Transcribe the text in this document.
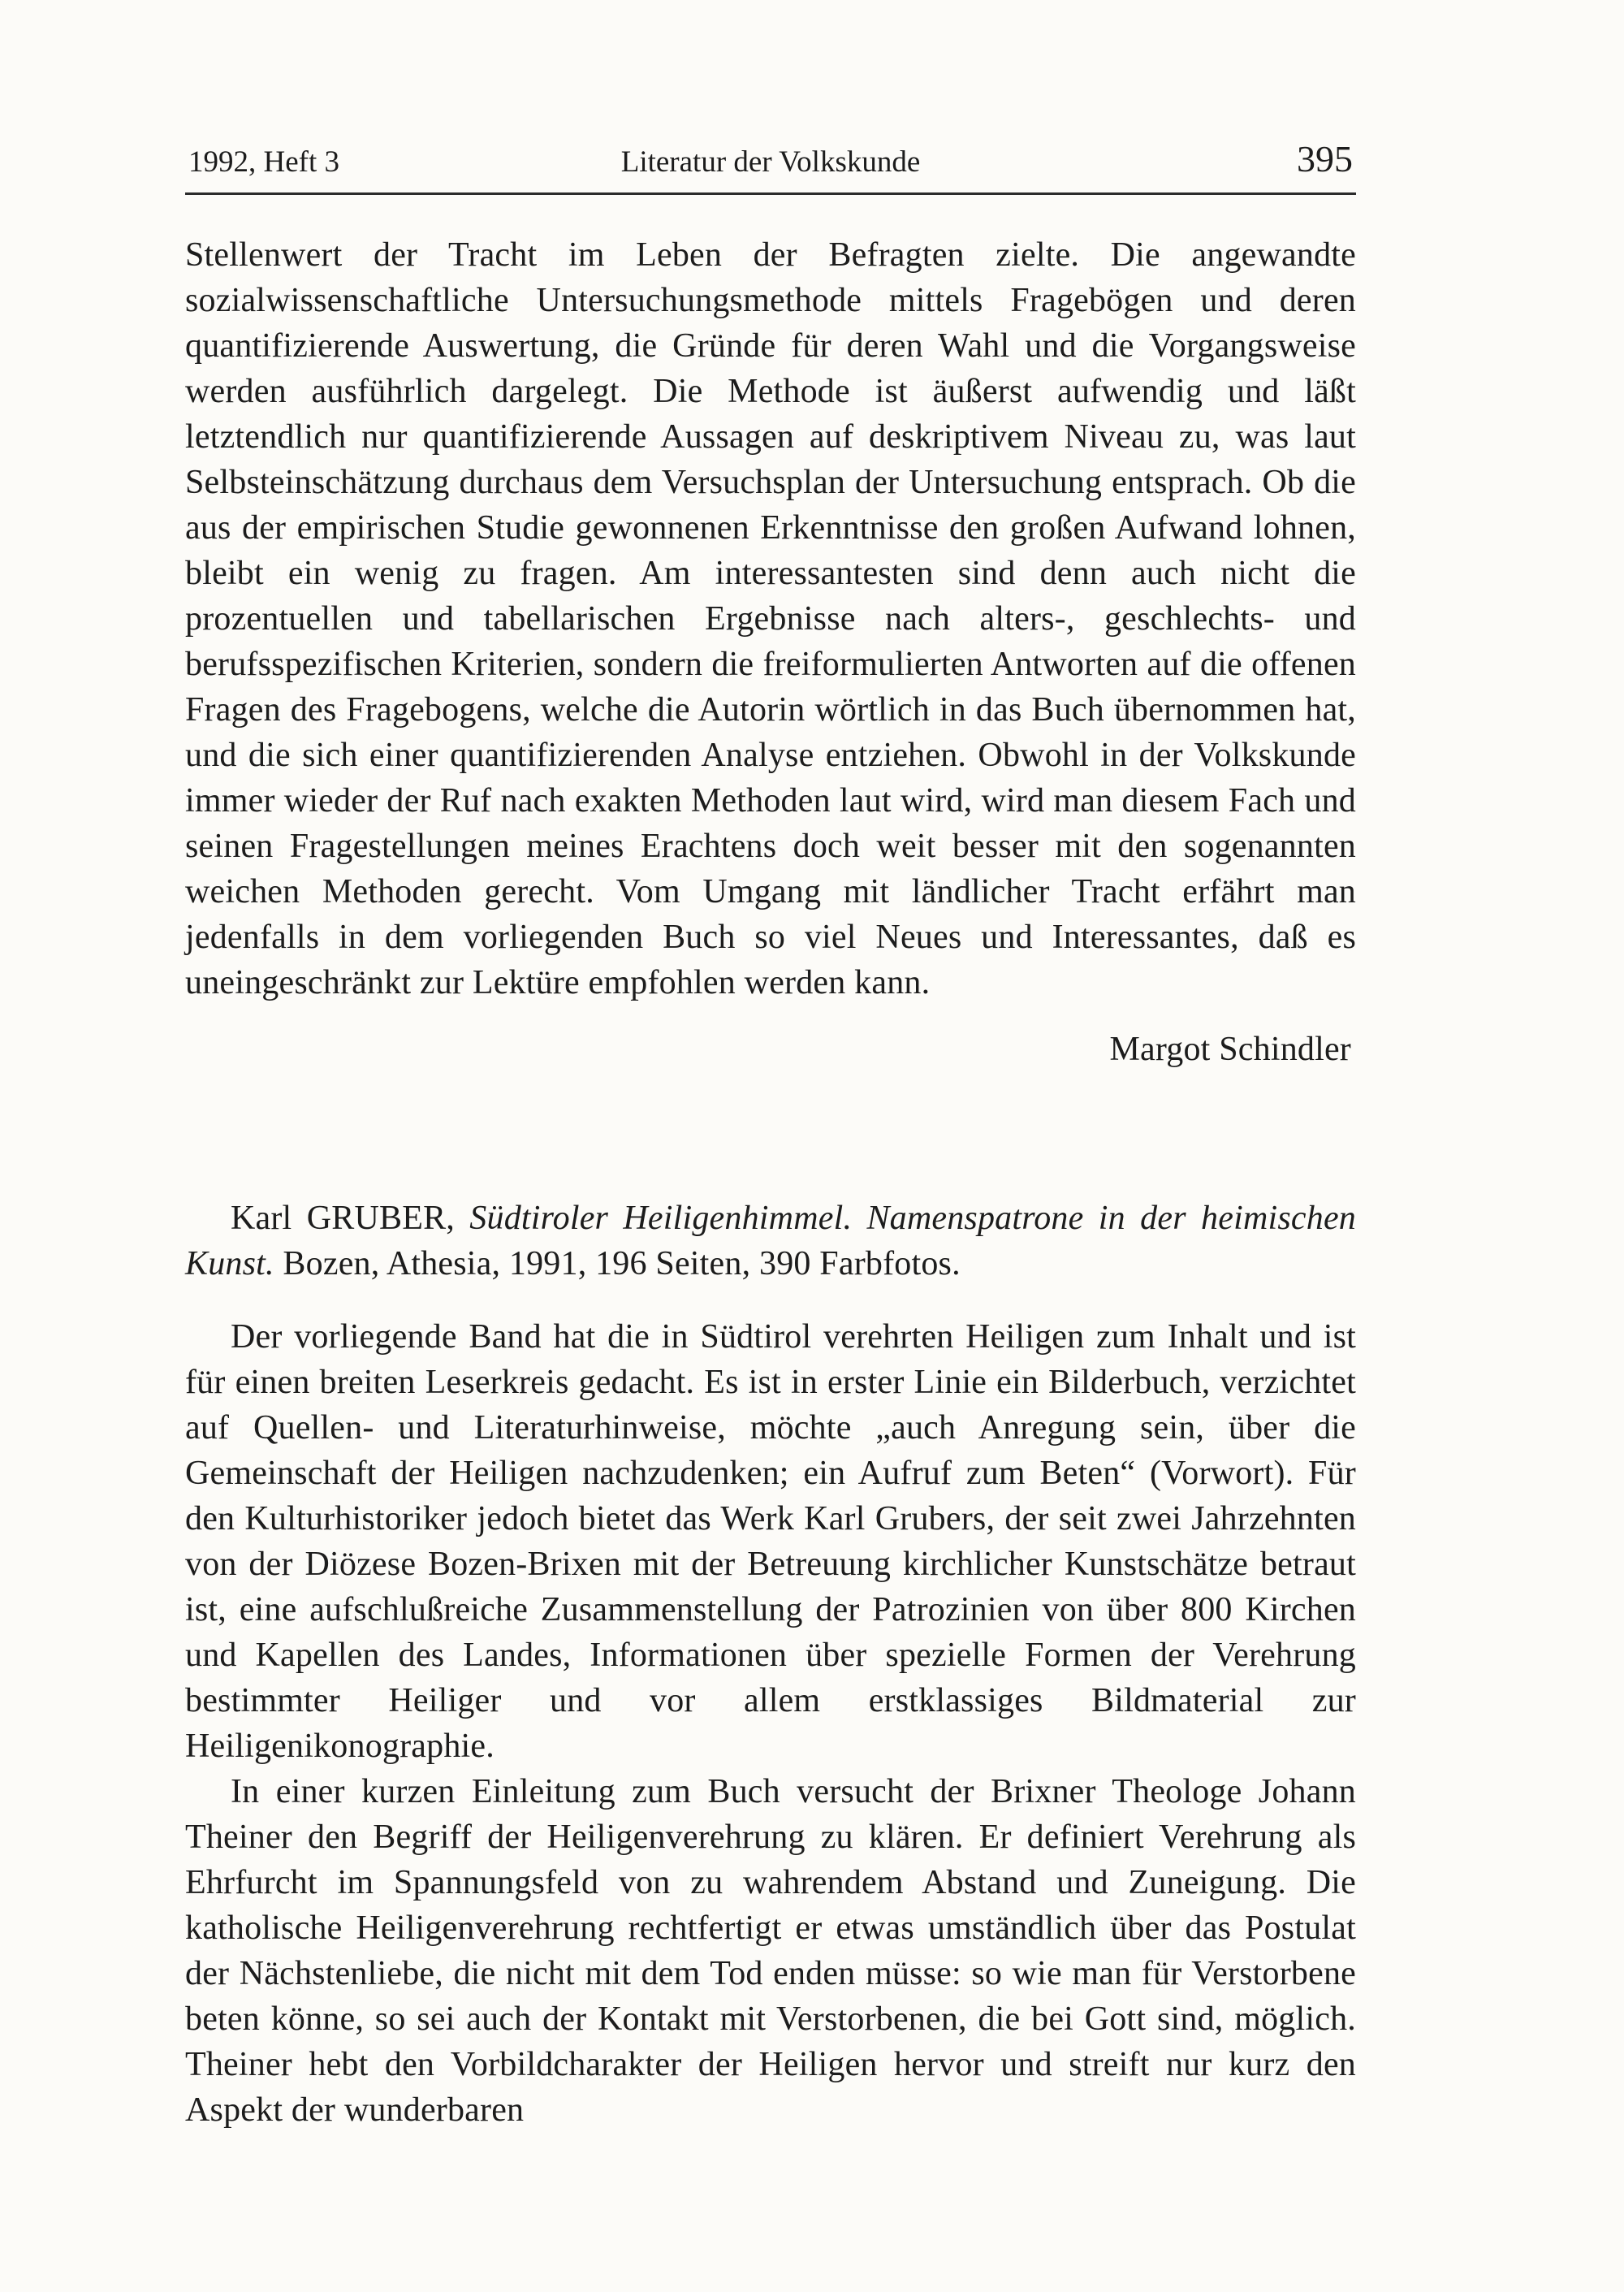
1992, Heft 3	Literatur der Volkskunde	395

Stellenwert der Tracht im Leben der Befragten zielte. Die angewandte sozialwissenschaftliche Untersuchungsmethode mittels Fragebögen und deren quantifizierende Auswertung, die Gründe für deren Wahl und die Vorgangsweise werden ausführlich dargelegt. Die Methode ist äußerst aufwendig und läßt letztendlich nur quantifizierende Aussagen auf deskriptivem Niveau zu, was laut Selbsteinschätzung durchaus dem Versuchsplan der Untersuchung entsprach. Ob die aus der empirischen Studie gewonnenen Erkenntnisse den großen Aufwand lohnen, bleibt ein wenig zu fragen. Am interessantesten sind denn auch nicht die prozentuellen und tabellarischen Ergebnisse nach alters-, geschlechts- und berufsspezifischen Kriterien, sondern die freiformulierten Antworten auf die offenen Fragen des Fragebogens, welche die Autorin wörtlich in das Buch übernommen hat, und die sich einer quantifizierenden Analyse entziehen. Obwohl in der Volkskunde immer wieder der Ruf nach exakten Methoden laut wird, wird man diesem Fach und seinen Fragestellungen meines Erachtens doch weit besser mit den sogenannten weichen Methoden gerecht. Vom Umgang mit ländlicher Tracht erfährt man jedenfalls in dem vorliegenden Buch so viel Neues und Interessantes, daß es uneingeschränkt zur Lektüre empfohlen werden kann.

Margot Schindler

Karl GRUBER, Südtiroler Heiligenhimmel. Namenspatrone in der heimischen Kunst. Bozen, Athesia, 1991, 196 Seiten, 390 Farbfotos.

Der vorliegende Band hat die in Südtirol verehrten Heiligen zum Inhalt und ist für einen breiten Leserkreis gedacht. Es ist in erster Linie ein Bilderbuch, verzichtet auf Quellen- und Literaturhinweise, möchte „auch Anregung sein, über die Gemeinschaft der Heiligen nachzudenken; ein Aufruf zum Beten“ (Vorwort). Für den Kulturhistoriker jedoch bietet das Werk Karl Grubers, der seit zwei Jahrzehnten von der Diözese Bozen-Brixen mit der Betreuung kirchlicher Kunstschätze betraut ist, eine aufschlußreiche Zusammenstellung der Patrozinien von über 800 Kirchen und Kapellen des Landes, Informationen über spezielle Formen der Verehrung bestimmter Heiliger und vor allem erstklassiges Bildmaterial zur Heiligenikonographie.

In einer kurzen Einleitung zum Buch versucht der Brixner Theologe Johann Theiner den Begriff der Heiligenverehrung zu klären. Er definiert Verehrung als Ehrfurcht im Spannungsfeld von zu wahrendem Abstand und Zuneigung. Die katholische Heiligenverehrung rechtfertigt er etwas umständlich über das Postulat der Nächstenliebe, die nicht mit dem Tod enden müsse: so wie man für Verstorbene beten könne, so sei auch der Kontakt mit Verstorbenen, die bei Gott sind, möglich. Theiner hebt den Vorbildcharakter der Heiligen hervor und streift nur kurz den Aspekt der wunderbaren
